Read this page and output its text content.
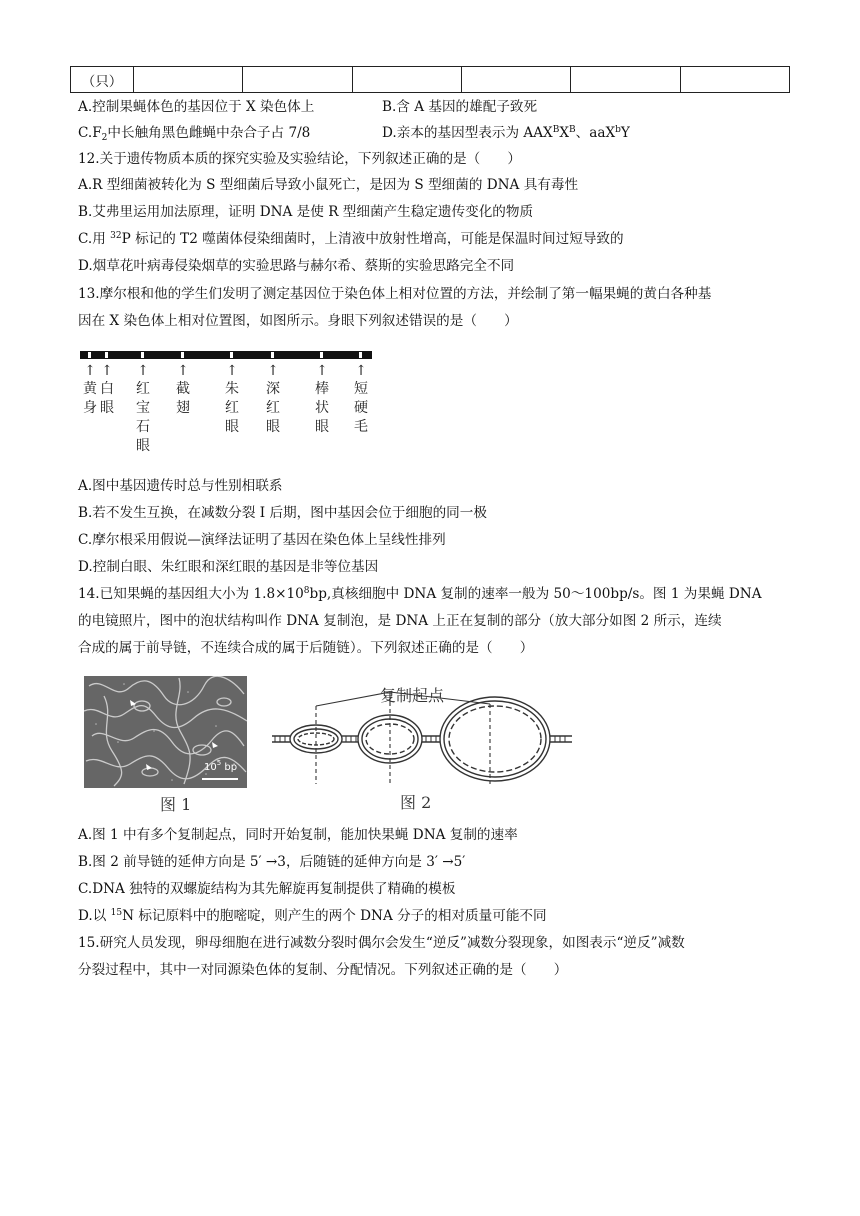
（只）						
A.控制果蝇体色的基因位于 X 染色体上	B.含 A 基因的雄配子致死
$C.F_2$中长触角黑色雌蝇中杂合子占 7/8	D.亲本的基因型表示为 $AAX^BX^B$、aaX$^b$Y
12.关于遗传物质本质的探究实验及实验结论，下列叙述正确的是（　　）
A.R 型细菌被转化为 S 型细菌后导致小鼠死亡，是因为 S 型细菌的 DNA 具有毒性
B.艾弗里运用加法原理，证明 DNA 是使 R 型细菌产生稳定遗传变化的物质
C.用 $^{32}$P 标记的 T2 噬菌体侵染细菌时，上清液中放射性增高，可能是保温时间过短导致的
D.烟草花叶病毒侵染烟草的实验思路与赫尔希、蔡斯的实验思路完全不同
13.摩尔根和他的学生们发明了测定基因位于染色体上相对位置的方法，并绘制了第一幅果蝇的黄白各种基
因在 X 染色体上相对位置图，如图所示。身眼下列叙述错误的是（　　）
↑
黄
身
↑
白
眼
↑
红
宝
石
眼
↑
截
翅
↑
朱
红
眼
↑
深
红
眼
↑
棒
状
眼
↑
短
硬
毛
A.图中基因遗传时总与性别相联系
B.若不发生互换，在减数分裂 I 后期，图中基因会位于细胞的同一极
C.摩尔根采用假说—演绎法证明了基因在染色体上呈线性排列
D.控制白眼、朱红眼和深红眼的基因是非等位基因
14.已知果蝇的基因组大小为 $1.8\times 10^8bp$,真核细胞中 DNA 复制的速率一般为 50～100bp/s。图 1 为果蝇 DNA
的电镜照片，图中的泡状结构叫作 DNA 复制泡，是 DNA 上正在复制的部分（放大部分如图 2 所示，连续
合成的属于前导链，不连续合成的属于后随链）。下列叙述正确的是（　　）
$10^5$ bp
图 1
复制起点
图 2
A.图 1 中有多个复制起点，同时开始复制，能加快果蝇 DNA 复制的速率
B.图 2 前导链的延伸方向是 5′ →3，后随链的延伸方向是 3′ →5′
C.DNA 独特的双螺旋结构为其先解旋再复制提供了精确的模板
D.以 $^{15}$N 标记原料中的胞嘧啶，则产生的两个 DNA 分子的相对质量可能不同
15.研究人员发现，卵母细胞在进行减数分裂时偶尔会发生“逆反”减数分裂现象，如图表示“逆反”减数
分裂过程中，其中一对同源染色体的复制、分配情况。下列叙述正确的是（　　）
